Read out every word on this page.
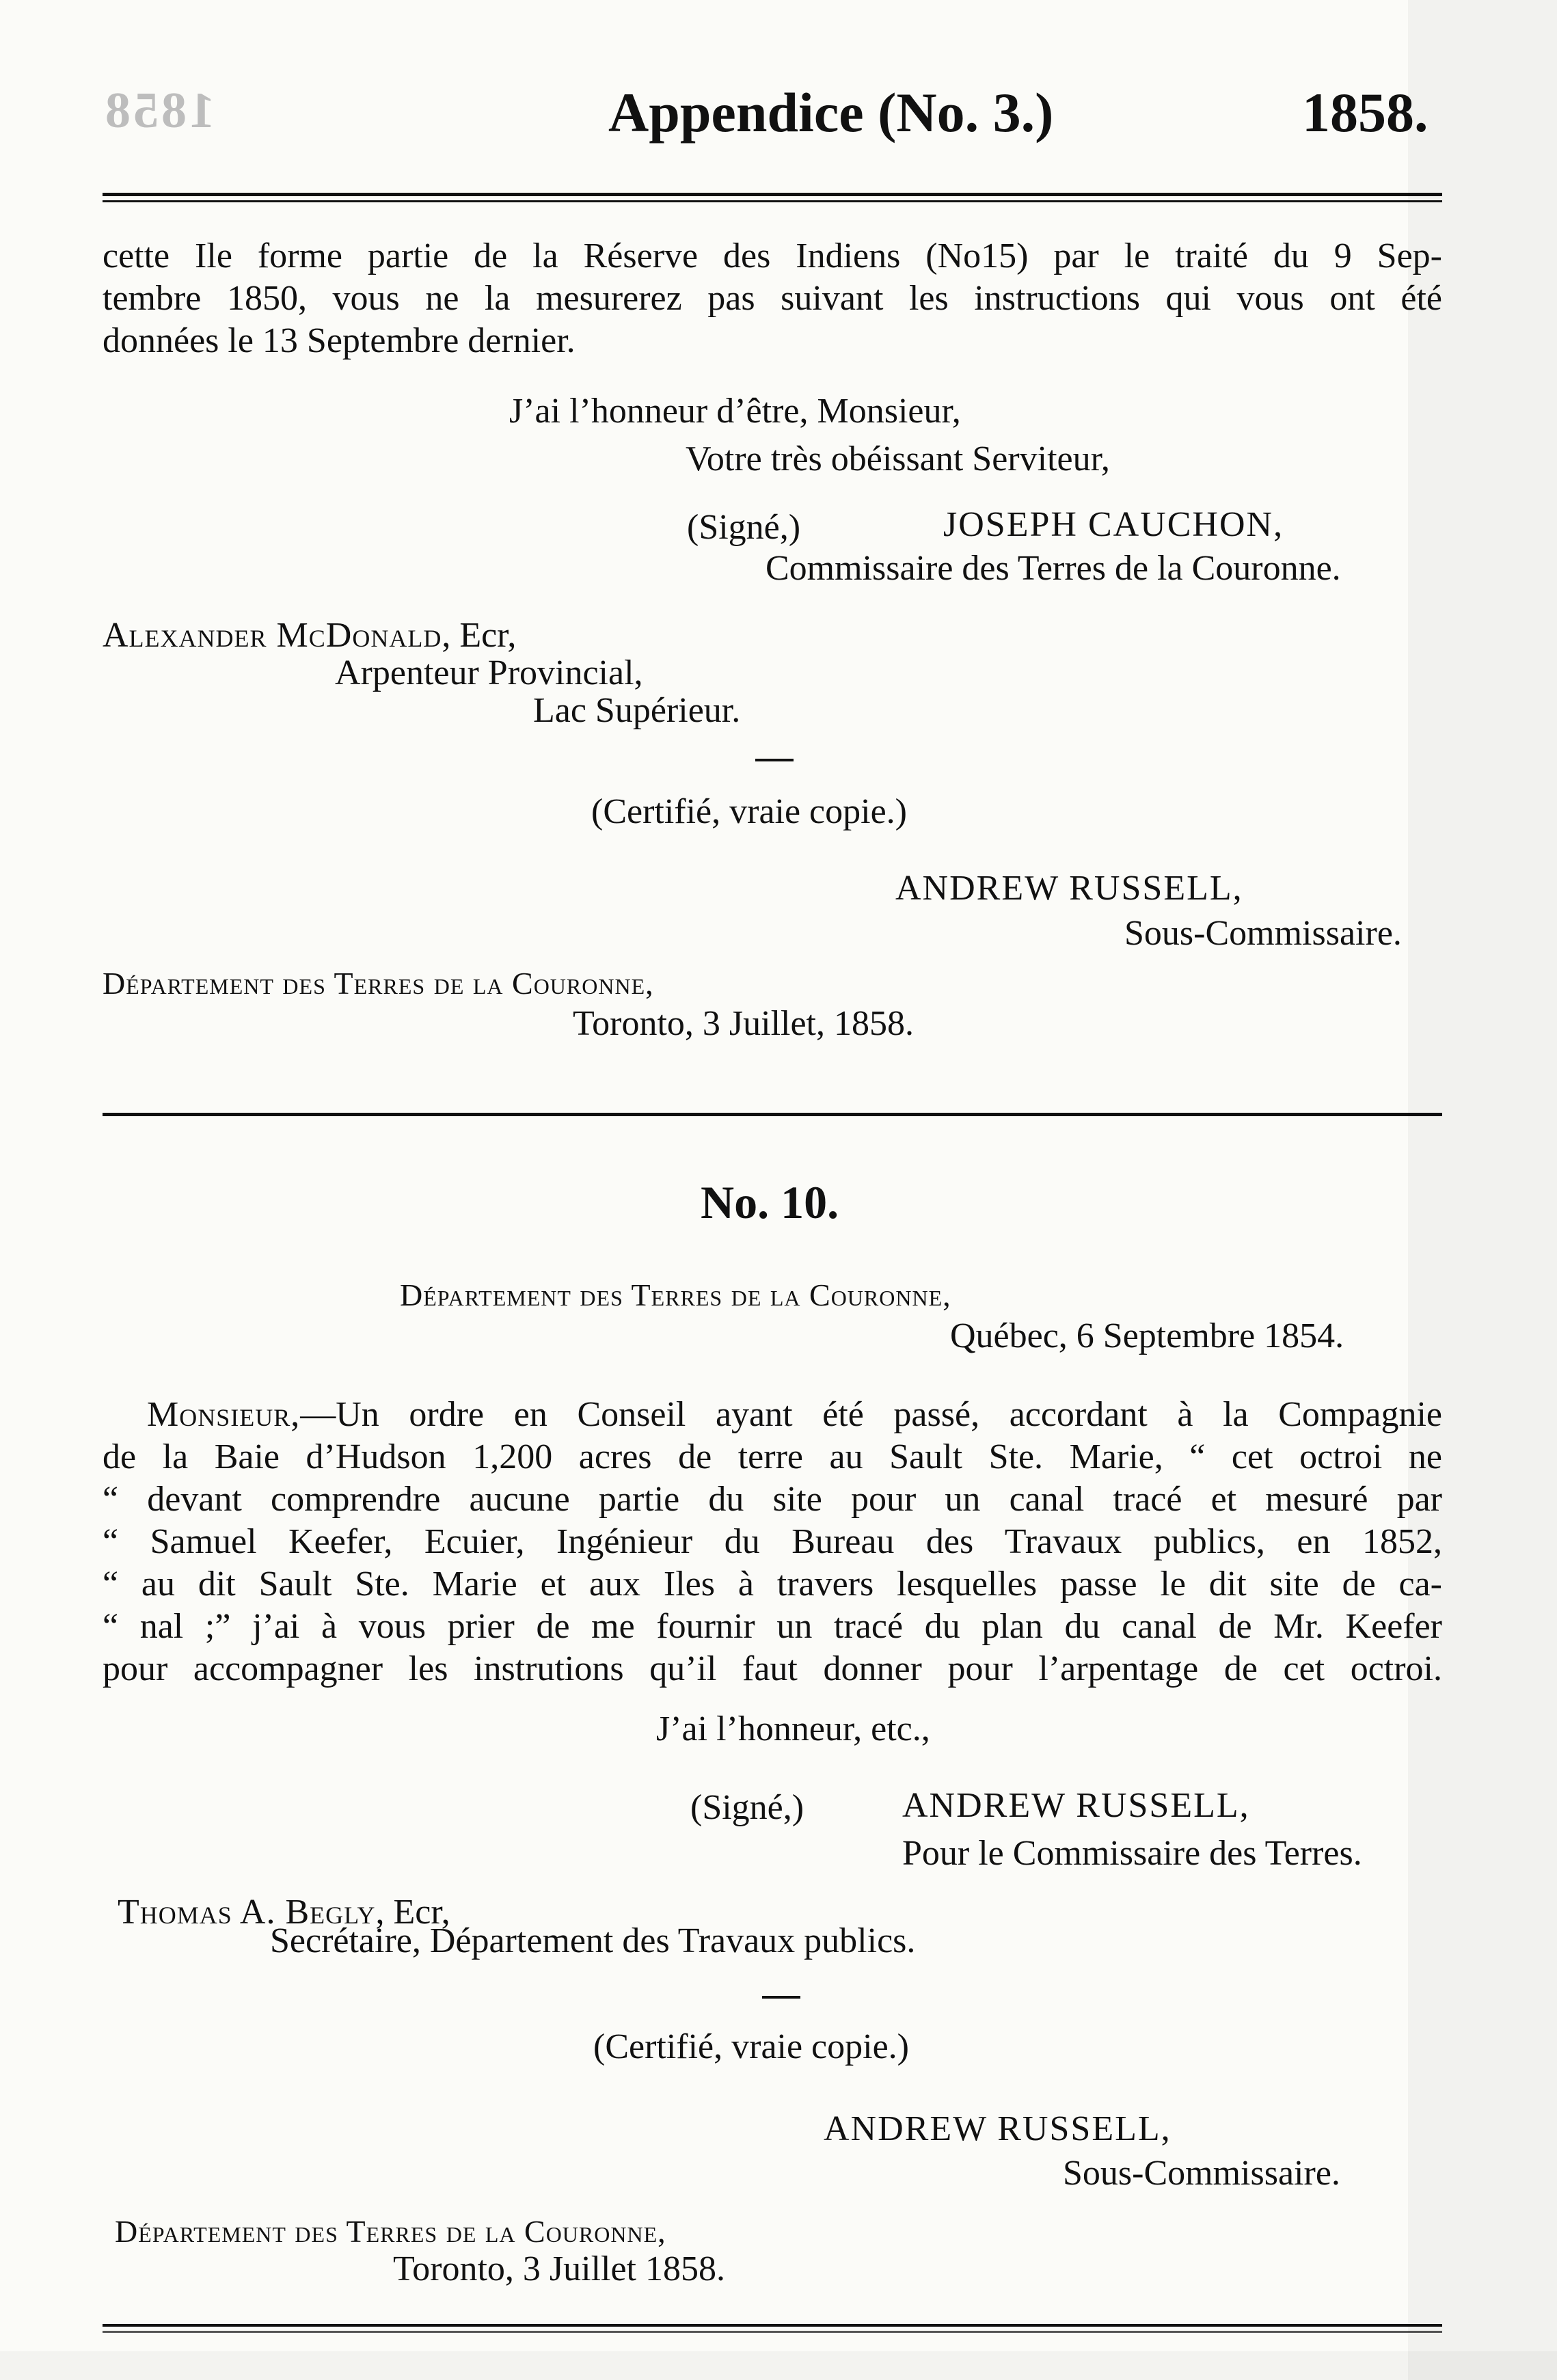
1858	Appendice (No. 3.)	1858.
cette Ile forme partie de la Réserve des Indiens (No15) par le traité du 9 Sep-
tembre 1850, vous ne la mesurerez pas suivant les instructions qui vous ont été
données le 13 Septembre dernier.
J’ai l’honneur d’être, Monsieur,
Votre très obéissant Serviteur,
(Signé,)	JOSEPH CAUCHON,
Commissaire des Terres de la Couronne.
Alexander McDonald, Ecr,
Arpenteur Provincial,
Lac Supérieur.
(Certifié, vraie copie.)
ANDREW RUSSELL,
Sous-Commissaire.
Département des Terres de la Couronne,
Toronto, 3 Juillet, 1858.
No. 10.
Département des Terres de la Couronne,
Québec, 6 Septembre 1854.
Monsieur,—Un ordre en Conseil ayant été passé, accordant à la Compagnie
de la Baie d’Hudson 1,200 acres de terre au Sault Ste. Marie, “ cet octroi ne
“ devant comprendre aucune partie du site pour un canal tracé et mesuré par
“ Samuel Keefer, Ecuier, Ingénieur du Bureau des Travaux publics, en 1852,
“ au dit Sault Ste. Marie et aux Iles à travers lesquelles passe le dit site de ca-
“ nal ;” j’ai à vous prier de me fournir un tracé du plan du canal de Mr. Keefer
pour accompagner les instrutions qu’il faut donner pour l’arpentage de cet octroi.
J’ai l’honneur, etc.,
(Signé,)	ANDREW RUSSELL,
Pour le Commissaire des Terres.
Thomas A. Begly, Ecr,
Secrétaire, Département des Travaux publics.
(Certifié, vraie copie.)
ANDREW RUSSELL,
Sous-Commissaire.
Département des Terres de la Couronne,
Toronto, 3 Juillet 1858.
